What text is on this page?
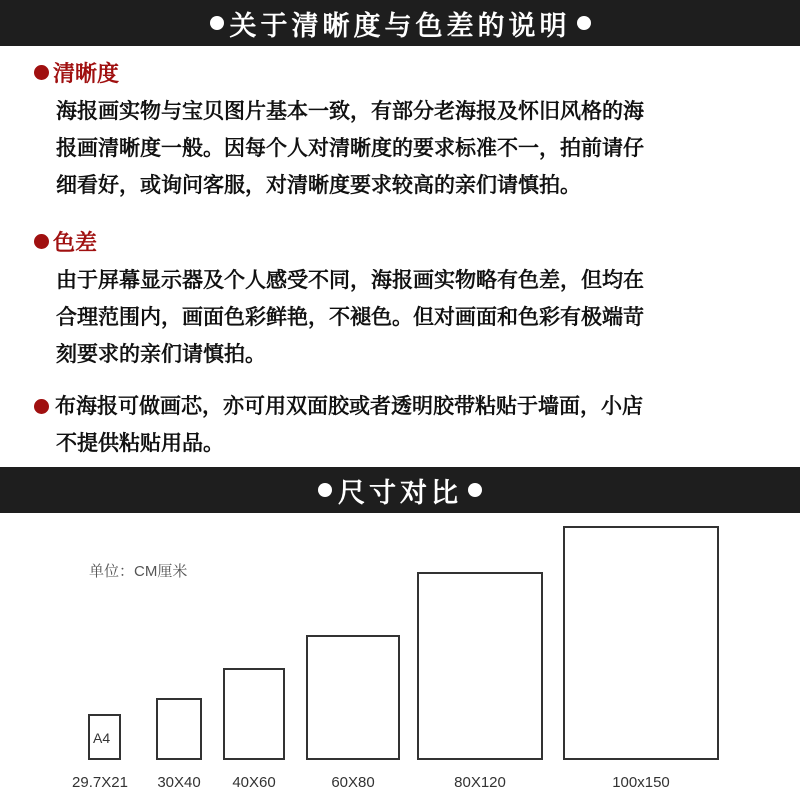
关于清晰度与色差的说明
清晰度
海报画实物与宝贝图片基本一致，有部分老海报及怀旧风格的海
报画清晰度一般。因每个人对清晰度的要求标准不一，拍前请仔
细看好，或询问客服，对清晰度要求较高的亲们请慎拍。
色差
由于屏幕显示器及个人感受不同，海报画实物略有色差，但均在
合理范围内，画面色彩鲜艳，不褪色。但对画面和色彩有极端苛
刻要求的亲们请慎拍。
布海报可做画芯，亦可用双面胶或者透明胶带粘贴于墙面，小店
不提供粘贴用品。
尺寸对比
单位：CM厘米
A4
29.7X21	30X40	40X60	60X80	80X120	100x150
